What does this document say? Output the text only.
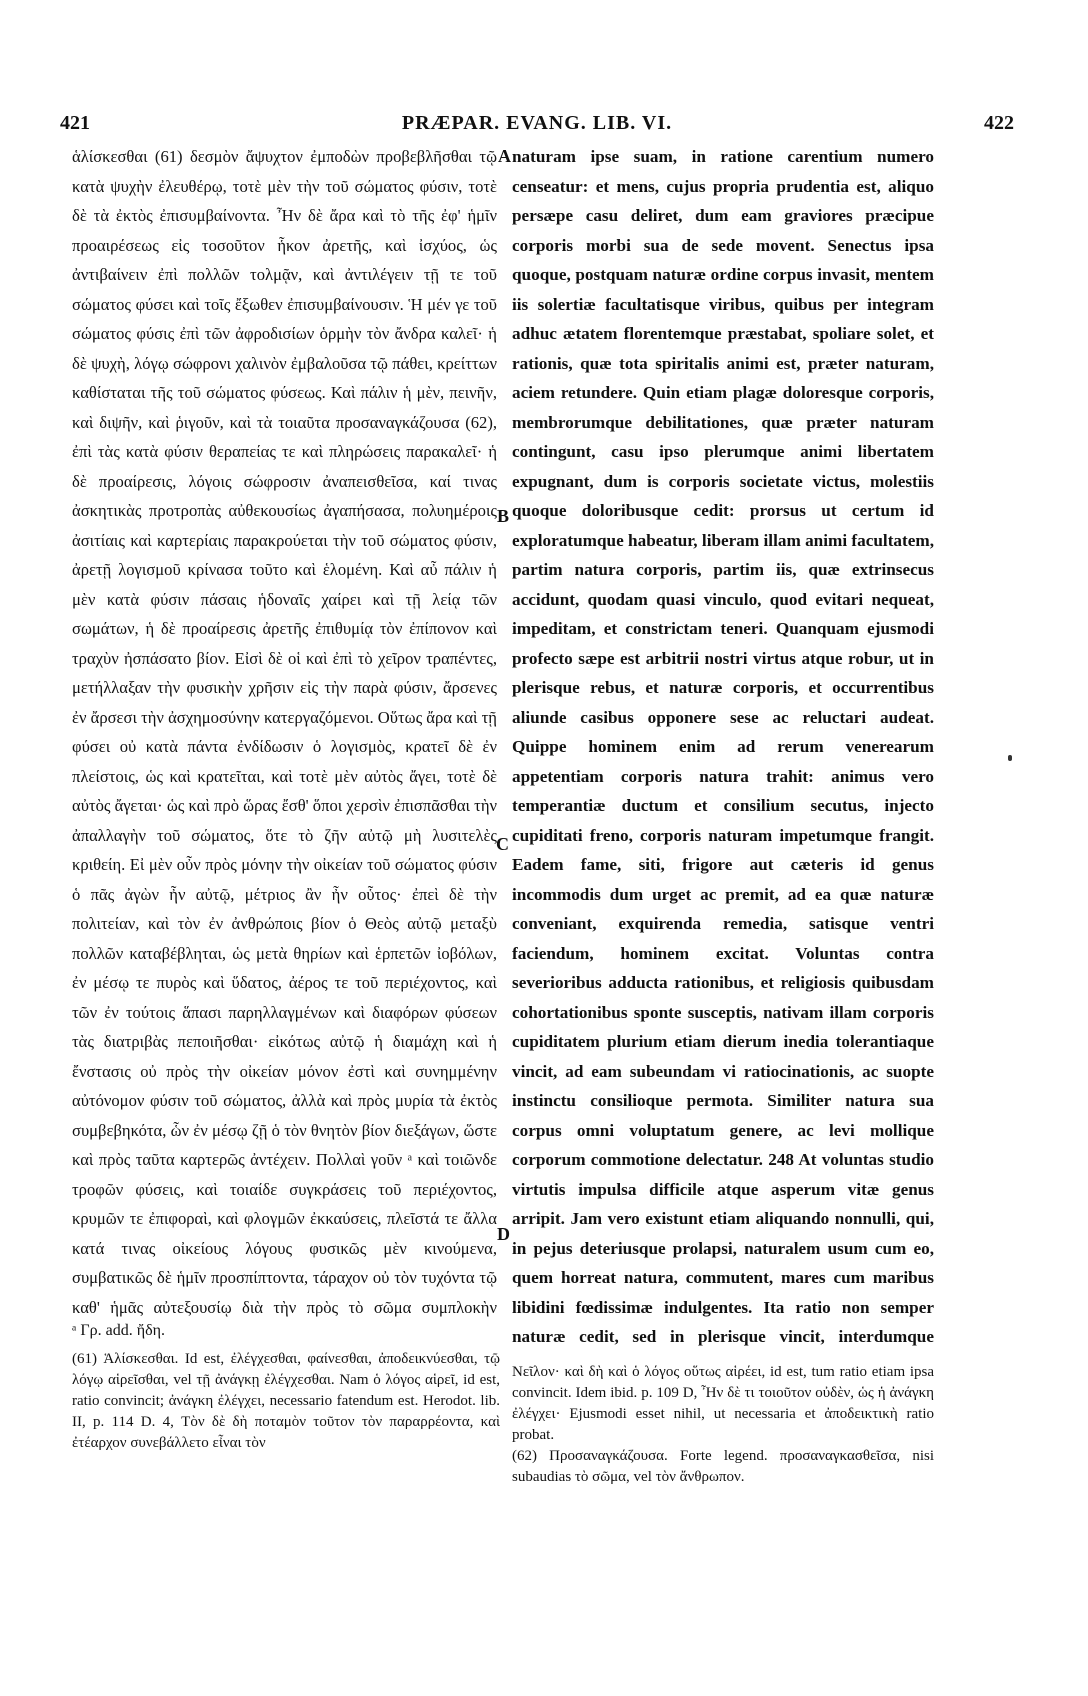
421	PRÆPAR. EVANG. LIB. VI.	422

ἁλίσκεσθαι (61) δεσμὸν ἄψυχτον ἐμποδὼν προβεβλῆσθαι τῷ κατὰ ψυχὴν ἐλευθέρῳ, τοτὲ μὲν τὴν τοῦ σώματος φύσιν, τοτὲ δὲ τὰ ἐκτὸς ἐπισυμβαίνοντα. Ἦν δὲ ἄρα καὶ τὸ τῆς ἐφ' ἡμῖν προαιρέσεως εἰς τοσοῦτον ἧκον ἀρετῆς, καὶ ἰσχύος, ὡς ἀντιβαίνειν ἐπὶ πολλῶν τολμᾷν, καὶ ἀντιλέγειν τῇ τε τοῦ σώματος φύσει καὶ τοῖς ἔξωθεν ἐπισυμβαίνουσιν. Ἡ μέν γε τοῦ σώματος φύσις ἐπὶ τῶν ἀφροδισίων ὁρμὴν τὸν ἄνδρα καλεῖ· ἡ δὲ ψυχὴ, λόγῳ σώφρονι χαλινὸν ἐμβαλοῦσα τῷ πάθει, κρείττων καθίσταται τῆς τοῦ σώματος φύσεως. Καὶ πάλιν ἡ μὲν, πεινῆν, καὶ διψῆν, καὶ ῥιγοῦν, καὶ τὰ τοιαῦτα προσαναγκάζουσα (62), ἐπὶ τὰς κατὰ φύσιν θεραπείας τε καὶ πληρώσεις παρακαλεῖ· ἡ δὲ προαίρεσις, λόγοις σώφροσιν ἀναπεισθεῖσα, καί τινας ἀσκητικὰς προτροπὰς αὐθεκουσίως ἀγαπήσασα, πολυημέροις ἀσιτίαις καὶ καρτερίαις παρακρούεται τὴν τοῦ σώματος φύσιν, ἀρετῇ λογισμοῦ κρίνασα τοῦτο καὶ ἑλομένη. Καὶ αὖ πάλιν ἡ μὲν κατὰ φύσιν πάσαις ἡδοναῖς χαίρει καὶ τῇ λείᾳ τῶν σωμάτων, ἡ δὲ προαίρεσις ἀρετῆς ἐπιθυμίᾳ τὸν ἐπίπονον καὶ τραχὺν ἠσπάσατο βίον. Εἰσὶ δὲ οἱ καὶ ἐπὶ τὸ χεῖρον τραπέντες, μετήλλαξαν τὴν φυσικὴν χρῆσιν εἰς τὴν παρὰ φύσιν, ἄρσενες ἐν ἄρσεσι τὴν ἀσχημοσύνην κατεργαζόμενοι. Οὕτως ἄρα καὶ τῇ φύσει οὐ κατὰ πάντα ἐνδίδωσιν ὁ λογισμὸς, κρατεῖ δὲ ἐν πλείστοις, ὡς καὶ κρατεῖται, καὶ τοτὲ μὲν αὐτὸς ἄγει, τοτὲ δὲ αὐτὸς ἄγεται· ὡς καὶ πρὸ ὥρας ἔσθ' ὅποι χερσὶν ἐπισπᾶσθαι τὴν ἀπαλλαγὴν τοῦ σώματος, ὅτε τὸ ζῆν αὐτῷ μὴ λυσιτελὲς κριθείη. Εἰ μὲν οὖν πρὸς μόνην τὴν οἰκείαν τοῦ σώματος φύσιν ὁ πᾶς ἀγὼν ἦν αὐτῷ, μέτριος ἂν ἦν οὗτος· ἐπεὶ δὲ τὴν πολιτείαν, καὶ τὸν ἐν ἀνθρώποις βίον ὁ Θεὸς αὐτῷ μεταξὺ πολλῶν καταβέβληται, ὡς μετὰ θηρίων καὶ ἑρπετῶν ἰοβόλων, ἐν μέσῳ τε πυρὸς καὶ ὕδατος, ἀέρος τε τοῦ περιέχοντος, καὶ τῶν ἐν τούτοις ἅπασι παρηλλαγμένων καὶ διαφόρων φύσεων τὰς διατριβὰς πεποιῆσθαι· εἰκότως αὐτῷ ἡ διαμάχη καὶ ἡ ἔνστασις οὐ πρὸς τὴν οἰκείαν μόνον ἐστὶ καὶ συνημμένην αὐτόνομον φύσιν τοῦ σώματος, ἀλλὰ καὶ πρὸς μυρία τὰ ἐκτὸς συμβεβηκότα, ὧν ἐν μέσῳ ζῇ ὁ τὸν θνητὸν βίον διεξάγων, ὥστε καὶ πρὸς ταῦτα καρτερῶς ἀντέχειν. Πολλαὶ γοῦν ᵃ καὶ τοιῶνδε τροφῶν φύσεις, καὶ τοιαίδε συγκράσεις τοῦ περιέχοντος, κρυμῶν τε ἐπιφοραὶ, καὶ φλογμῶν ἐκκαύσεις, πλεῖστά τε ἄλλα κατά τινας οἰκείους λόγους φυσικῶς μὲν κινούμενα, συμβατικῶς δὲ ἡμῖν προσπίπτοντα, τάραχον οὐ τὸν τυχόντα τῷ καθ' ἡμᾶς αὐτεξουσίῳ διὰ τὴν πρὸς τὸ σῶμα συμπλοκὴν

A
B
C
D

naturam ipse suam, in ratione carentium numero censeatur: et mens, cujus propria prudentia est, aliquo persæpe casu deliret, dum eam graviores præcipue corporis morbi sua de sede movent. Senectus ipsa quoque, postquam naturæ ordine corpus invasit, mentem iis solertiæ facultatisque viribus, quibus per integram adhuc ætatem florentemque præstabat, spoliare solet, et rationis, quæ tota spiritalis animi est, præter naturam, aciem retundere. Quin etiam plagæ doloresque corporis, membrorumque debilitationes, quæ præter naturam contingunt, casu ipso plerumque animi libertatem expugnant, dum is corporis societate victus, molestiis quoque doloribusque cedit: prorsus ut certum id exploratumque habeatur, liberam illam animi facultatem, partim natura corporis, partim iis, quæ extrinsecus accidunt, quodam quasi vinculo, quod evitari nequeat, impeditam, et constrictam teneri. Quanquam ejusmodi profecto sæpe est arbitrii nostri virtus atque robur, ut in plerisque rebus, et naturæ corporis, et occurrentibus aliunde casibus opponere sese ac reluctari audeat. Quippe hominem enim ad rerum venerearum appetentiam corporis natura trahit: animus vero temperantiæ ductum et consilium secutus, injecto cupiditati freno, corporis naturam impetumque frangit. Eadem fame, siti, frigore aut cæteris id genus incommodis dum urget ac premit, ad ea quæ naturæ conveniant, exquirenda remedia, satisque ventri faciendum, hominem excitat. Voluntas contra severioribus adducta rationibus, et religiosis quibusdam cohortationibus sponte susceptis, nativam illam corporis cupiditatem plurium etiam dierum inedia tolerantiaque vincit, ad eam subeundam vi ratiocinationis, ac suopte instinctu consilioque permota. Similiter natura sua corpus omni voluptatum genere, ac levi mollique corporum commotione delectatur. 248 At voluntas studio virtutis impulsa difficile atque asperum vitæ genus arripit. Jam vero existunt etiam aliquando nonnulli, qui, in pejus deteriusque prolapsi, naturalem usum cum eo, quem horreat natura, commutent, mares cum maribus libidini fœdissimæ indulgentes. Ita ratio non semper naturæ cedit, sed in plerisque vincit, interdumque

ᵃ Γρ. add. ἤδη.

(61) Ἁλίσκεσθαι. Id est, ἐλέγχεσθαι, φαίνεσθαι, ἀποδεικνύεσθαι, τῷ λόγῳ αἱρεῖσθαι, vel τῇ ἀνάγκῃ ἐλέγχεσθαι. Nam ὁ λόγος αἱρεῖ, id est, ratio convincit; ἀνάγκη ἐλέγχει, necessario fatendum est. Herodot. lib. II, p. 114 D. 4, Τὸν δὲ δὴ ποταμὸν τοῦτον τὸν παραρρέοντα, καὶ ἐτέαρχον συνεβάλλετο εἶναι τὸν

Νεῖλον· καὶ δὴ καὶ ὁ λόγος οὕτως αἱρέει, id est, tum ratio etiam ipsa convincit. Idem ibid. p. 109 D, Ἦν δὲ τι τοιοῦτον οὐδὲν, ὡς ἡ ἀνάγκη ἐλέγχει· Ejusmodi esset nihil, ut necessaria et ἀποδεικτικὴ ratio probat.

(62) Προσαναγκάζουσα. Forte legend. προσαναγκασθεῖσα, nisi subaudias τὸ σῶμα, vel τὸν ἄνθρωπον.
